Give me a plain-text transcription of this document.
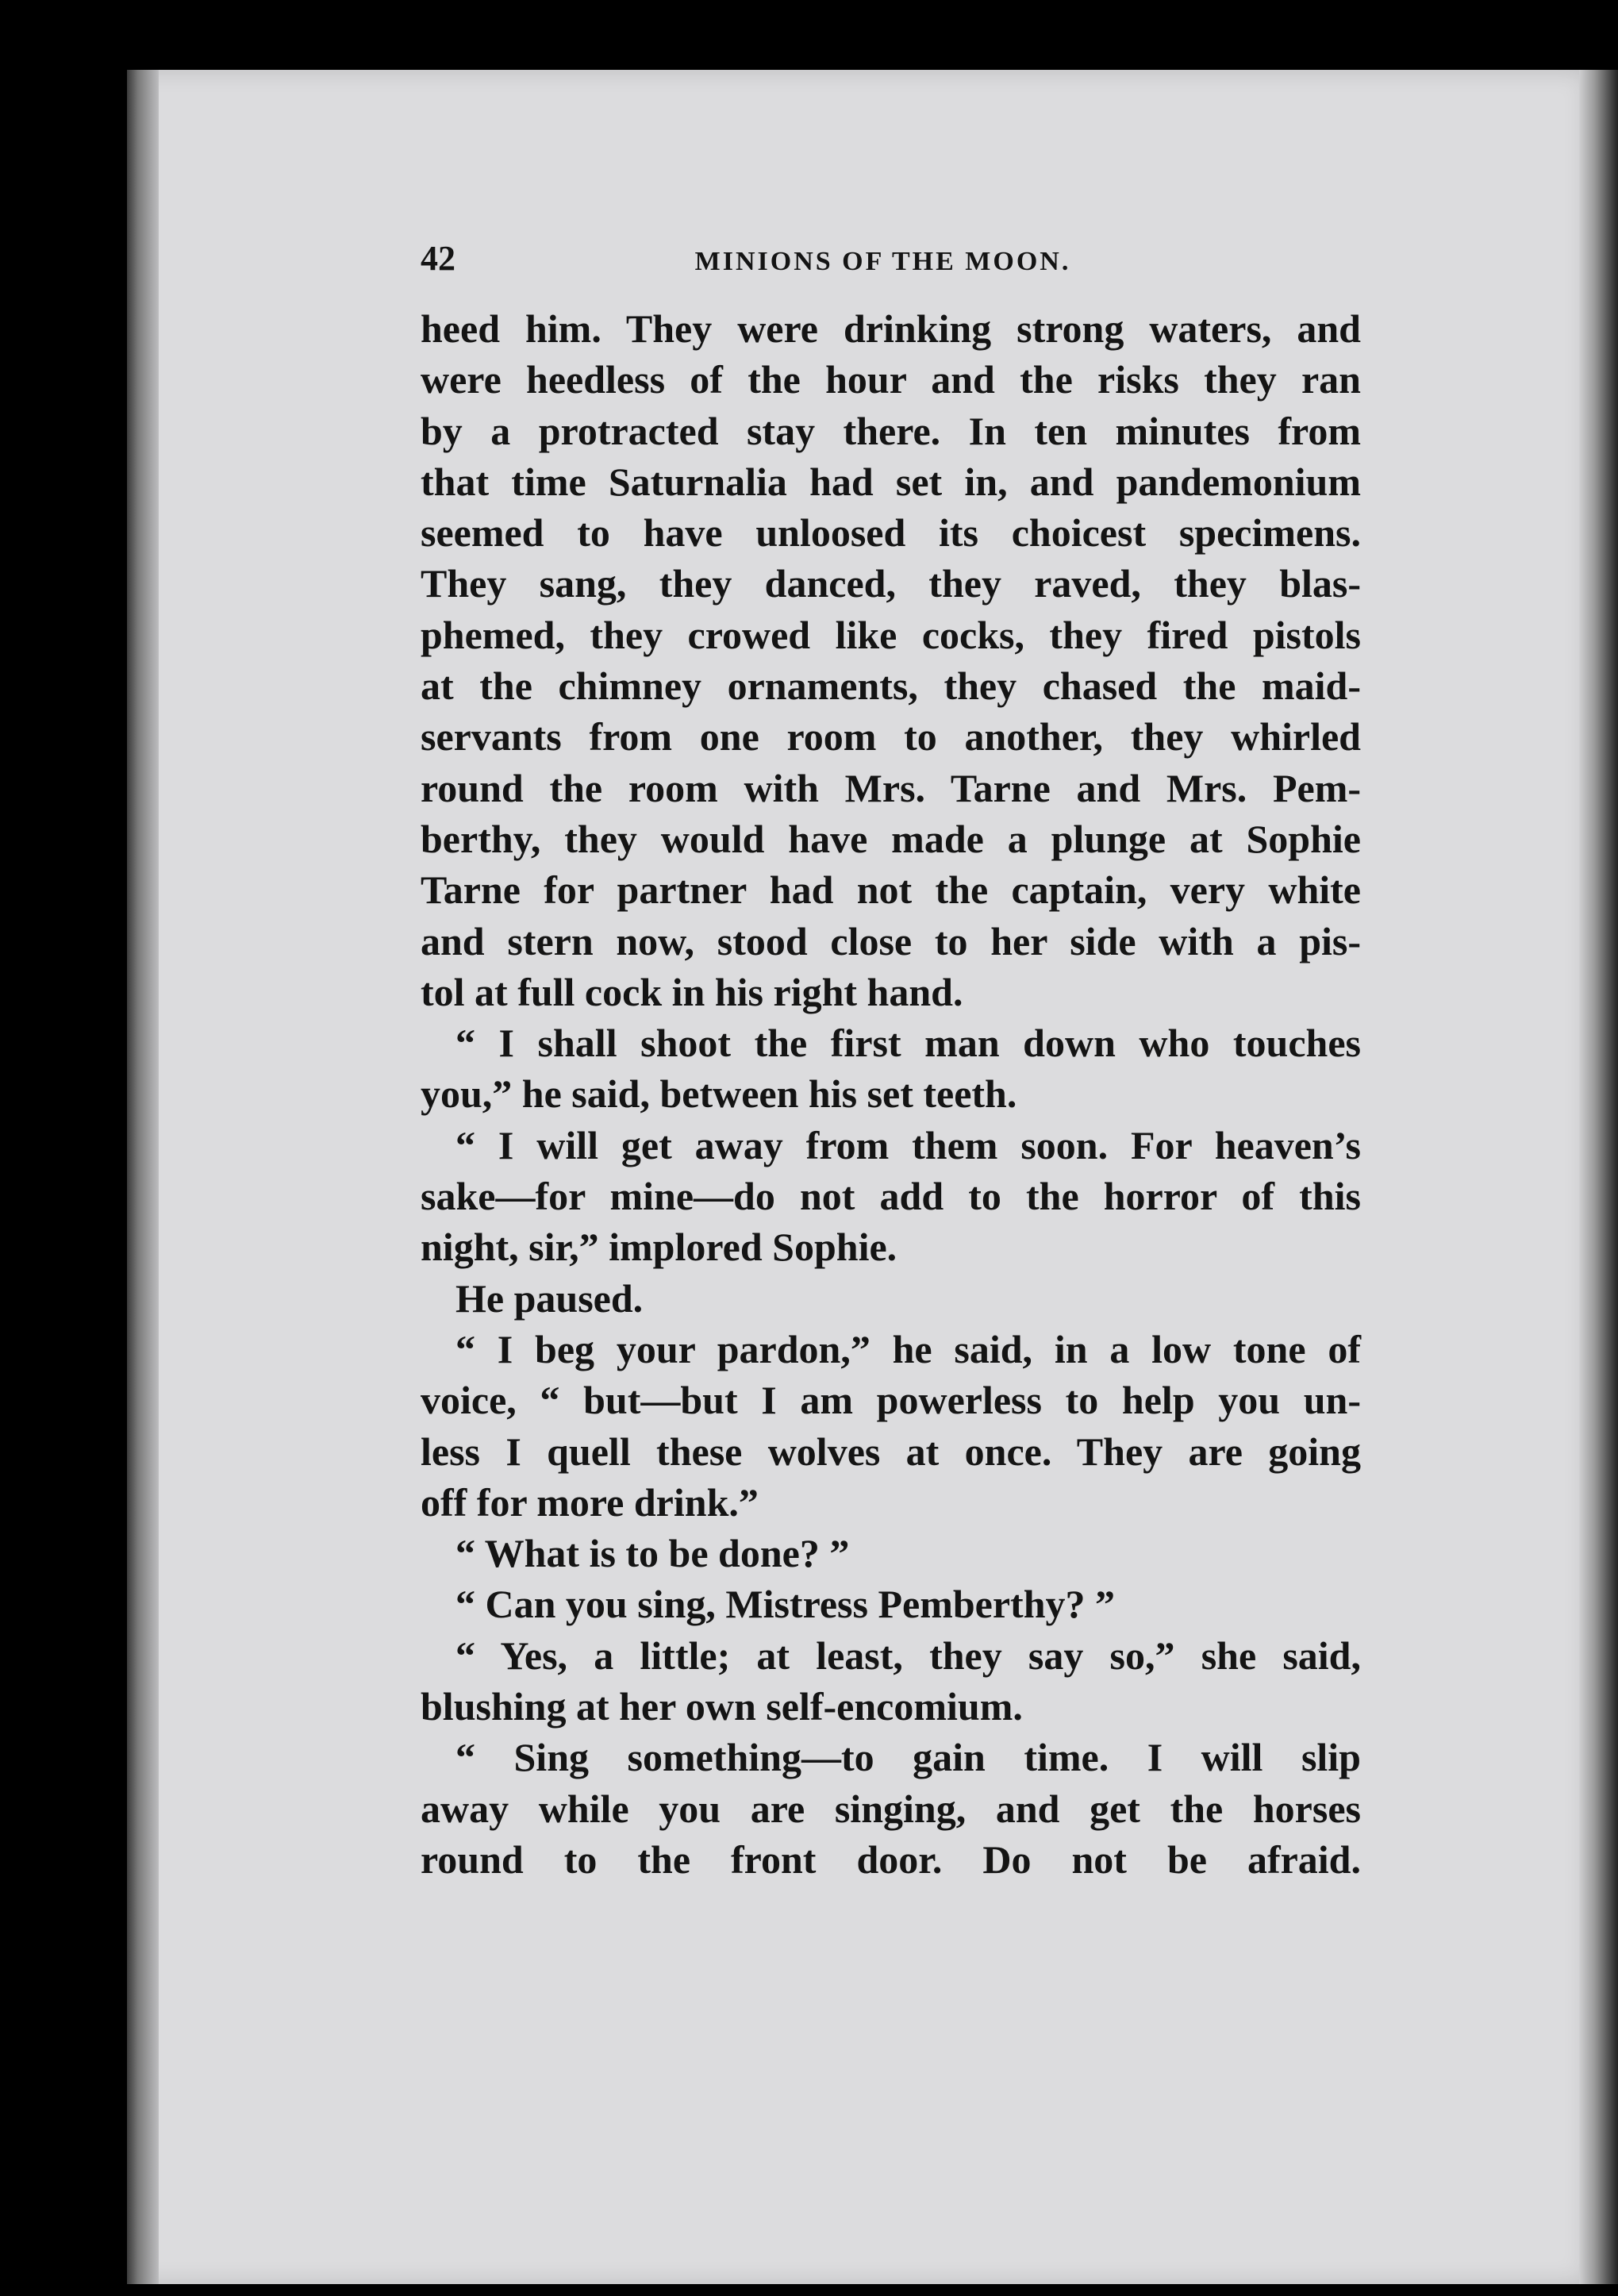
42	MINIONS OF THE MOON.
heed him. They were drinking strong waters, and
were heedless of the hour and the risks they ran
by a protracted stay there. In ten minutes from
that time Saturnalia had set in, and pandemonium
seemed to have unloosed its choicest specimens.
They sang, they danced, they raved, they blas-
phemed, they crowed like cocks, they fired pistols
at the chimney ornaments, they chased the maid-
servants from one room to another, they whirled
round the room with Mrs. Tarne and Mrs. Pem-
berthy, they would have made a plunge at Sophie
Tarne for partner had not the captain, very white
and stern now, stood close to her side with a pis-
tol at full cock in his right hand.
“ I shall shoot the first man down who touches
you,” he said, between his set teeth.
“ I will get away from them soon. For heaven’s
sake—for mine—do not add to the horror of this
night, sir,” implored Sophie.
He paused.
“ I beg your pardon,” he said, in a low tone of
voice, “ but—but I am powerless to help you un-
less I quell these wolves at once. They are going
off for more drink.”
“ What is to be done? ”
“ Can you sing, Mistress Pemberthy? ”
“ Yes, a little; at least, they say so,” she said,
blushing at her own self-encomium.
“ Sing something—to gain time. I will slip
away while you are singing, and get the horses
round to the front door. Do not be afraid.
